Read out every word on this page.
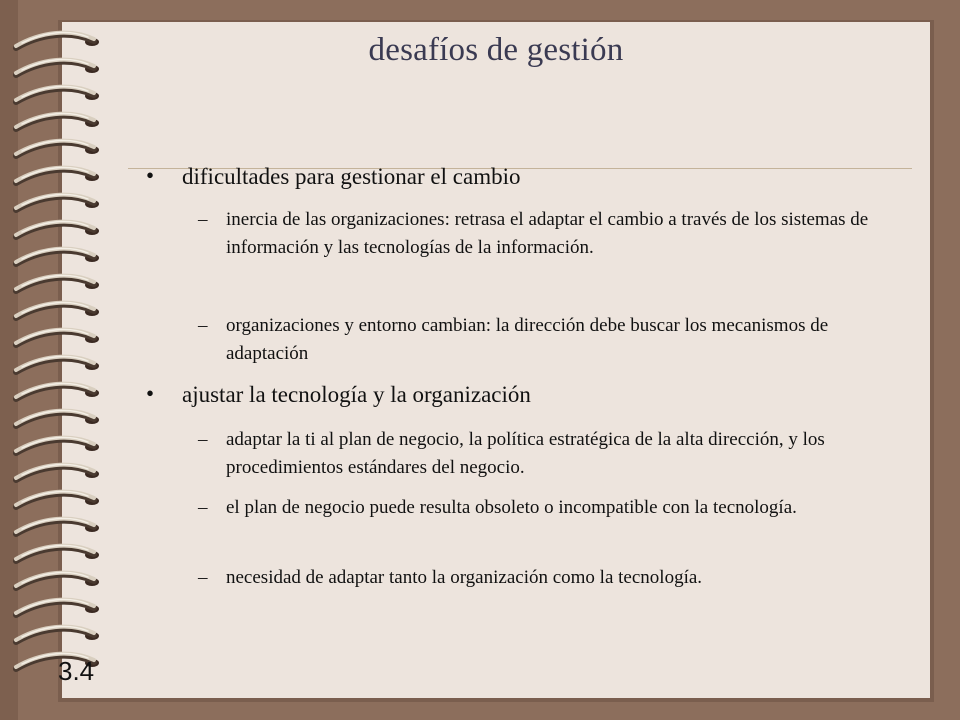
desafíos de gestión
• dificultades para gestionar el cambio
– inercia de las organizaciones: retrasa el adaptar el cambio a través de los sistemas de información y las tecnologías de la información.
– organizaciones y entorno cambian: la dirección debe buscar los mecanismos de adaptación
• ajustar la tecnología y la organización
– adaptar la ti al plan de negocio, la política estratégica de la alta dirección, y los procedimientos estándares del negocio.
– el plan de negocio puede resulta obsoleto o incompatible con la tecnología.
– necesidad de adaptar tanto la organización como la tecnología.
3.4
